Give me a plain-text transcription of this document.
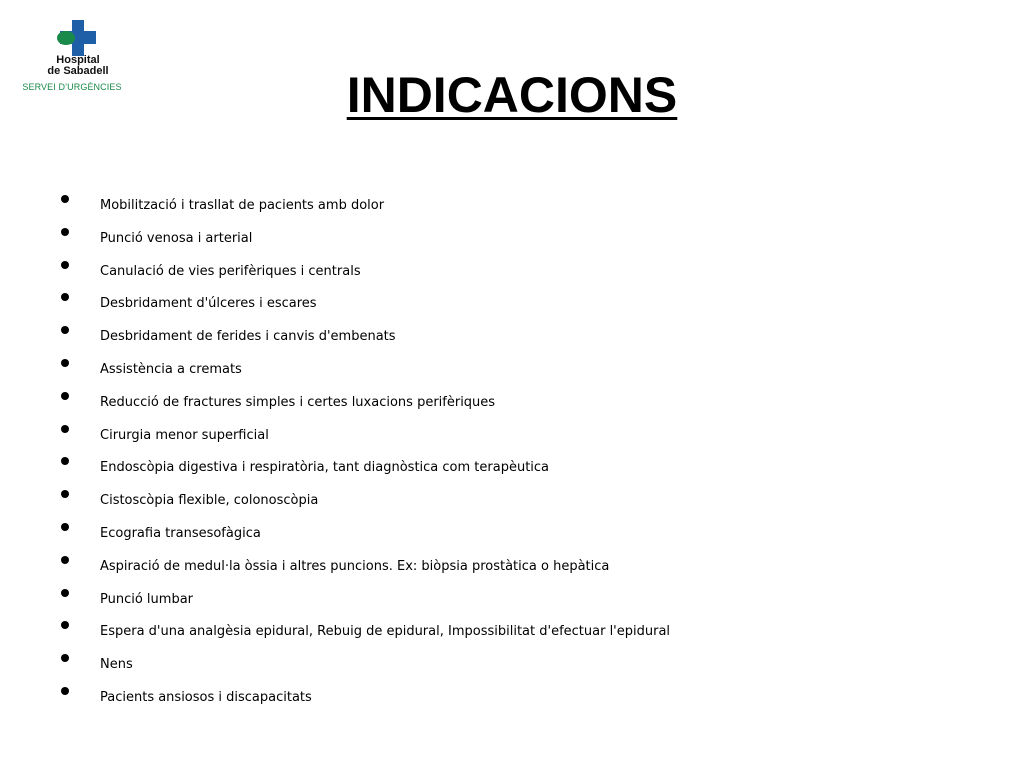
Hospital
de Sabadell
SERVEI D’URGÈNCIES	INDICACIONS
Mobilització i trasllat de pacients amb dolor
Punció venosa i arterial
Canulació de vies perifèriques i centrals
Desbridament d'úlceres i escares
Desbridament de ferides i canvis d'embenats
Assistència a cremats
Reducció de fractures simples i certes luxacions perifèriques
Cirurgia menor superficial
Endoscòpia digestiva i respiratòria, tant diagnòstica com terapèutica
Cistoscòpia flexible, colonoscòpia
Ecografia transesofàgica
Aspiració de medul·la òssia i altres puncions. Ex: biòpsia prostàtica o hepàtica
Punció lumbar
Espera d'una analgèsia epidural, Rebuig de epidural, Impossibilitat d'efectuar l'epidural
Nens
Pacients ansiosos i discapacitats
